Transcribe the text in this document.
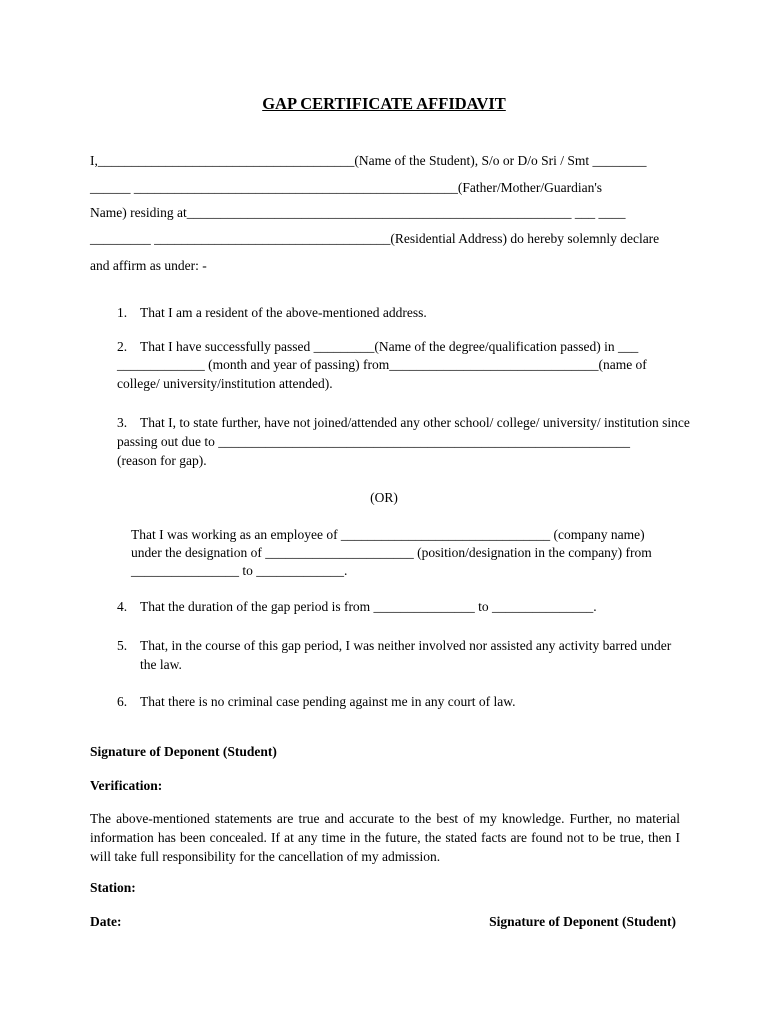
GAP CERTIFICATE AFFIDAVIT

I,______________________________________(Name of the Student), S/o or D/o Sri / Smt ________

______ ________________________________________________(Father/Mother/Guardian's

Name) residing at_________________________________________________________ ___ ____

_________ ___________________________________(Residential Address) do hereby solemnly declare

and affirm as under: -

1. That I am a resident of the above-mentioned address.
2. That I have successfully passed _________(Name of the degree/qualification passed) in ___
_____________ (month and year of passing) from_______________________________(name of
college/ university/institution attended).
3. That I, to state further, have not joined/attended any other school/ college/ university/ institution since
passing out due to _____________________________________________________________
(reason for gap).
(OR)
That I was working as an employee of _______________________________ (company name)
under the designation of ______________________ (position/designation in the company) from
________________ to _____________.
4. That the duration of the gap period is from _______________ to _______________.
5. That, in the course of this gap period, I was neither involved nor assisted any activity barred under
the law.
6. That there is no criminal case pending against me in any court of law.
Signature of Deponent (Student)
Verification:

The above-mentioned statements are true and accurate to the best of my knowledge. Further, no material information has been concealed. If at any time in the future, the stated facts are found not to be true, then I will take full responsibility for the cancellation of my admission.

Station:
Date:	Signature of Deponent (Student)
